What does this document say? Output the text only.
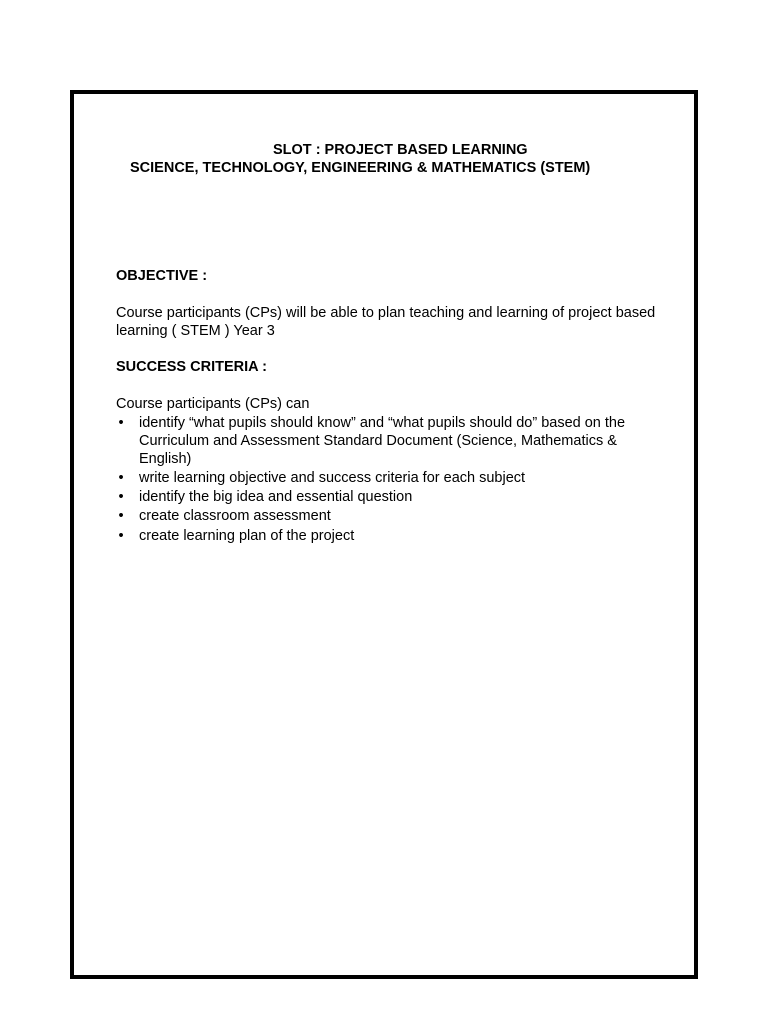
SLOT : PROJECT BASED LEARNING
SCIENCE, TECHNOLOGY, ENGINEERING & MATHEMATICS (STEM)
OBJECTIVE :
Course participants (CPs) will be able to plan teaching and learning of project based
learning ( STEM ) Year 3
SUCCESS CRITERIA :
Course participants (CPs) can
• identify “what pupils should know” and “what pupils should do” based on the
Curriculum and Assessment Standard Document (Science, Mathematics &
English)
• write learning objective and success criteria for each subject
• identify the big idea and essential question
• create classroom assessment
• create learning plan of the project
